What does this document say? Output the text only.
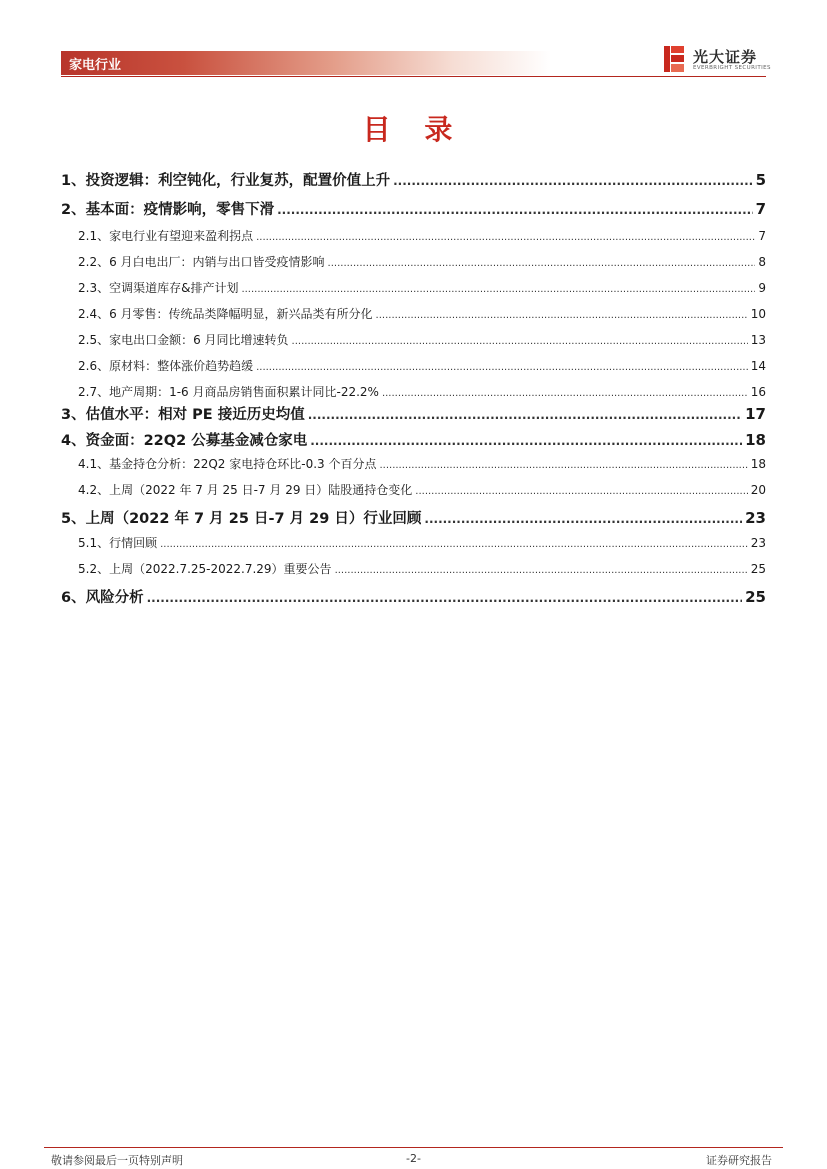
家电行业	光大证券
EVERBRIGHT SECURITIES
目 录
1、投资逻辑：利空钝化，行业复苏，配置价值上升 .....	5
2、基本面：疫情影响，零售下滑 .....	7
2.1、家电行业有望迎来盈利拐点 .....	7
2.2、6 月白电出厂：内销与出口皆受疫情影响 .....	8
2.3、空调渠道库存&排产计划 .....	9
2.4、6 月零售：传统品类降幅明显，新兴品类有所分化 .....	10
2.5、家电出口金额：6 月同比增速转负 .....	13
2.6、原材料：整体涨价趋势趋缓 .....	14
2.7、地产周期：1-6 月商品房销售面积累计同比-22.2% .....	16
3、估值水平：相对 PE 接近历史均值 .....	17
4、资金面：22Q2 公募基金减仓家电 .....	18
4.1、基金持仓分析：22Q2 家电持仓环比-0.3 个百分点 .....	18
4.2、上周（2022 年 7 月 25 日-7 月 29 日）陆股通持仓变化 .....	20
5、上周（2022 年 7 月 25 日-7 月 29 日）行业回顾 .....	23
5.1、行情回顾 .....	23
5.2、上周（2022.7.25-2022.7.29）重要公告 .....	25
6、风险分析 .....	25
敬请参阅最后一页特别声明	-2-	证券研究报告
